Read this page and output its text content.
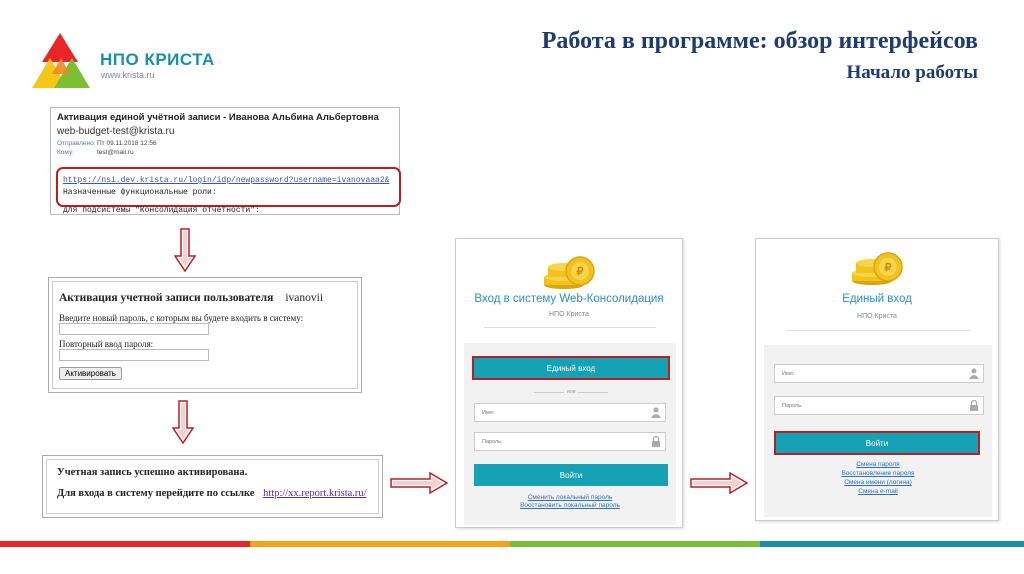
НПО КРИСТА
www.krista.ru
Работа в программе: обзор интерфейсов
Начало работы
Активация единой учётной записи - Иванова Альбина Альбертовна
web-budget-test@krista.ru
Отправлено: Пт 09.11.2018 12:56
Кому:	test@mail.ru
https://nsi.dev.krista.ru/login/idp/newpassword?username=ivanovaaa2&
Назначенные функциональные роли:
для подсистемы "Консолидация отчетности":
Активация учетной записи пользователя ivanovii
Введите новый пароль, с которым вы будете входить в систему:
Повторный ввод пароля:
Активировать
Учетная запись успешно активирована.
Для входа в систему перейдите по ссылке http://xx.report.krista.ru/
₽
Вход в систему Web-Консолидация
НПО Криста
Единый вход
или
Имя:
Пароль:
Войти
Сменить локальный пароль
Восстановить локальный пароль
₽
Единый вход
НПО Криста
Имя:
Пароль:
Войти
Смена пароля
Восстановление пароля
Смена имени (логина)
Смена e-mail
